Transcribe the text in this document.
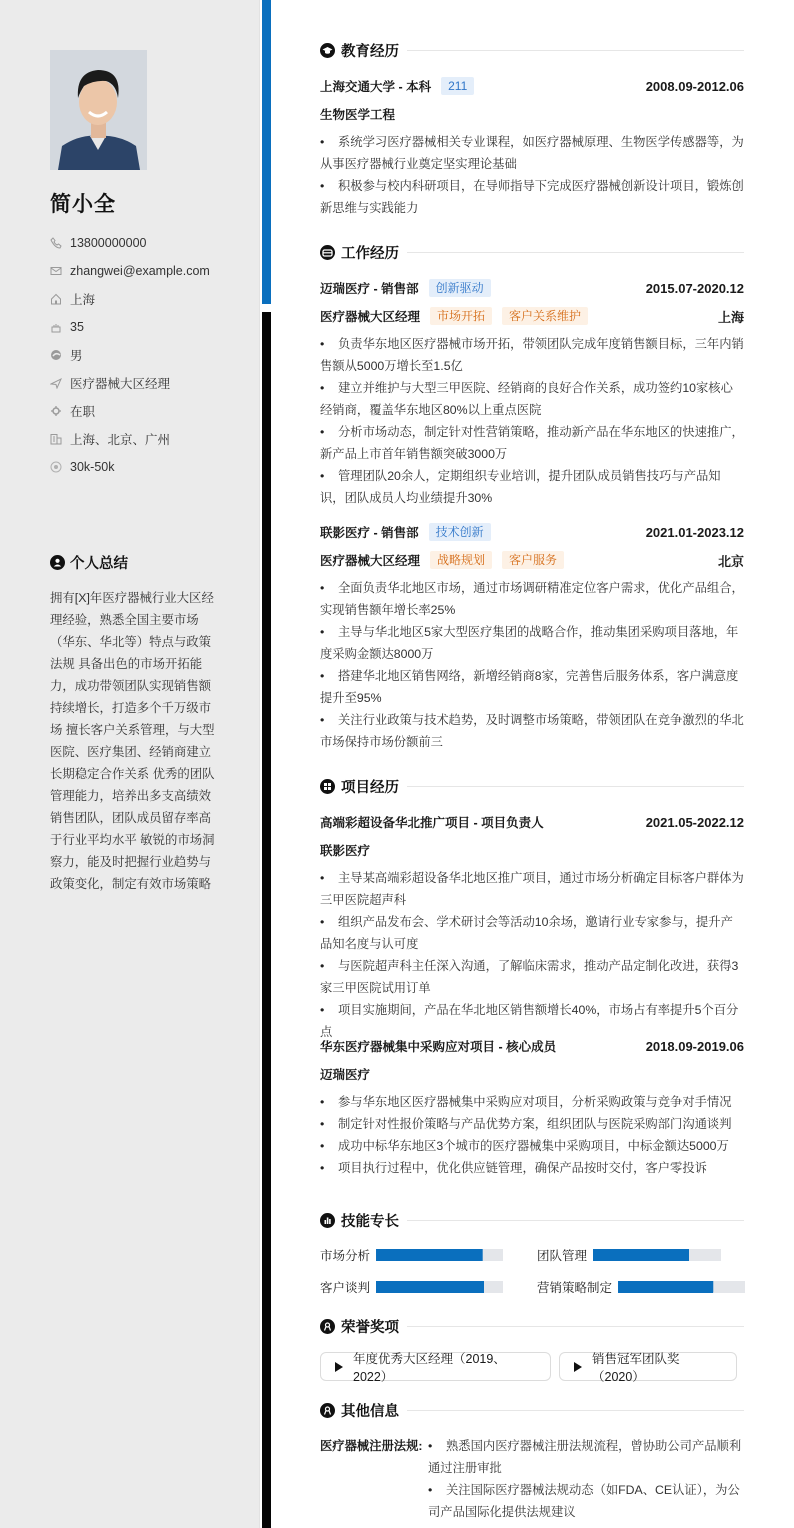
简小全
13800000000
zhangwei@example.com
上海
35
男
医疗器械大区经理
在职
上海、北京、广州
30k-50k
个人总结
拥有[X]年医疗器械行业大区经理经验，熟悉全国主要市场（华东、华北等）特点与政策法规 具备出色的市场开拓能力，成功带领团队实现销售额持续增长，打造多个千万级市场 擅长客户关系管理，与大型医院、医疗集团、经销商建立长期稳定合作关系 优秀的团队管理能力，培养出多支高绩效销售团队，团队成员留存率高于行业平均水平 敏锐的市场洞察力，能及时把握行业趋势与政策变化，制定有效市场策略
教育经历
上海交通大学 - 本科	211	2008.09-2012.06
生物医学工程
• 系统学习医疗器械相关专业课程，如医疗器械原理、生物医学传感器等，为从事医疗器械行业奠定坚实理论基础
• 积极参与校内科研项目，在导师指导下完成医疗器械创新设计项目，锻炼创新思维与实践能力
工作经历
迈瑞医疗 - 销售部	创新驱动	2015.07-2020.12
医疗器械大区经理	市场开拓	客户关系维护	上海
• 负责华东地区医疗器械市场开拓，带领团队完成年度销售额目标，三年内销售额从5000万增长至1.5亿
• 建立并维护与大型三甲医院、经销商的良好合作关系，成功签约10家核心经销商，覆盖华东地区80%以上重点医院
• 分析市场动态，制定针对性营销策略，推动新产品在华东地区的快速推广，新产品上市首年销售额突破3000万
• 管理团队20余人，定期组织专业培训，提升团队成员销售技巧与产品知识，团队成员人均业绩提升30%
联影医疗 - 销售部	技术创新	2021.01-2023.12
医疗器械大区经理	战略规划	客户服务	北京
• 全面负责华北地区市场，通过市场调研精准定位客户需求，优化产品组合，实现销售额年增长率25%
• 主导与华北地区5家大型医疗集团的战略合作，推动集团采购项目落地，年度采购金额达8000万
• 搭建华北地区销售网络，新增经销商8家，完善售后服务体系，客户满意度提升至95%
• 关注行业政策与技术趋势，及时调整市场策略，带领团队在竞争激烈的华北市场保持市场份额前三
项目经历
高端彩超设备华北推广项目 - 项目负责人	2021.05-2022.12
联影医疗
• 主导某高端彩超设备华北地区推广项目，通过市场分析确定目标客户群体为三甲医院超声科
• 组织产品发布会、学术研讨会等活动10余场，邀请行业专家参与，提升产品知名度与认可度
• 与医院超声科主任深入沟通，了解临床需求，推动产品定制化改进，获得3家三甲医院试用订单
• 项目实施期间，产品在华北地区销售额增长40%，市场占有率提升5个百分点
华东医疗器械集中采购应对项目 - 核心成员	2018.09-2019.06
迈瑞医疗
• 参与华东地区医疗器械集中采购应对项目，分析采购政策与竞争对手情况
• 制定针对性报价策略与产品优势方案，组织团队与医院采购部门沟通谈判
• 成功中标华东地区3个城市的医疗器械集中采购项目，中标金额达5000万
• 项目执行过程中，优化供应链管理，确保产品按时交付，客户零投诉
技能专长
市场分析	团队管理
客户谈判	营销策略制定
荣誉奖项
年度优秀大区经理（2019、2022）
销售冠军团队奖（2020）
其他信息
医疗器械注册法规: • 熟悉国内医疗器械注册法规流程，曾协助公司产品顺利通过注册审批
• 关注国际医疗器械法规动态（如FDA、CE认证），为公司产品国际化提供法规建议
